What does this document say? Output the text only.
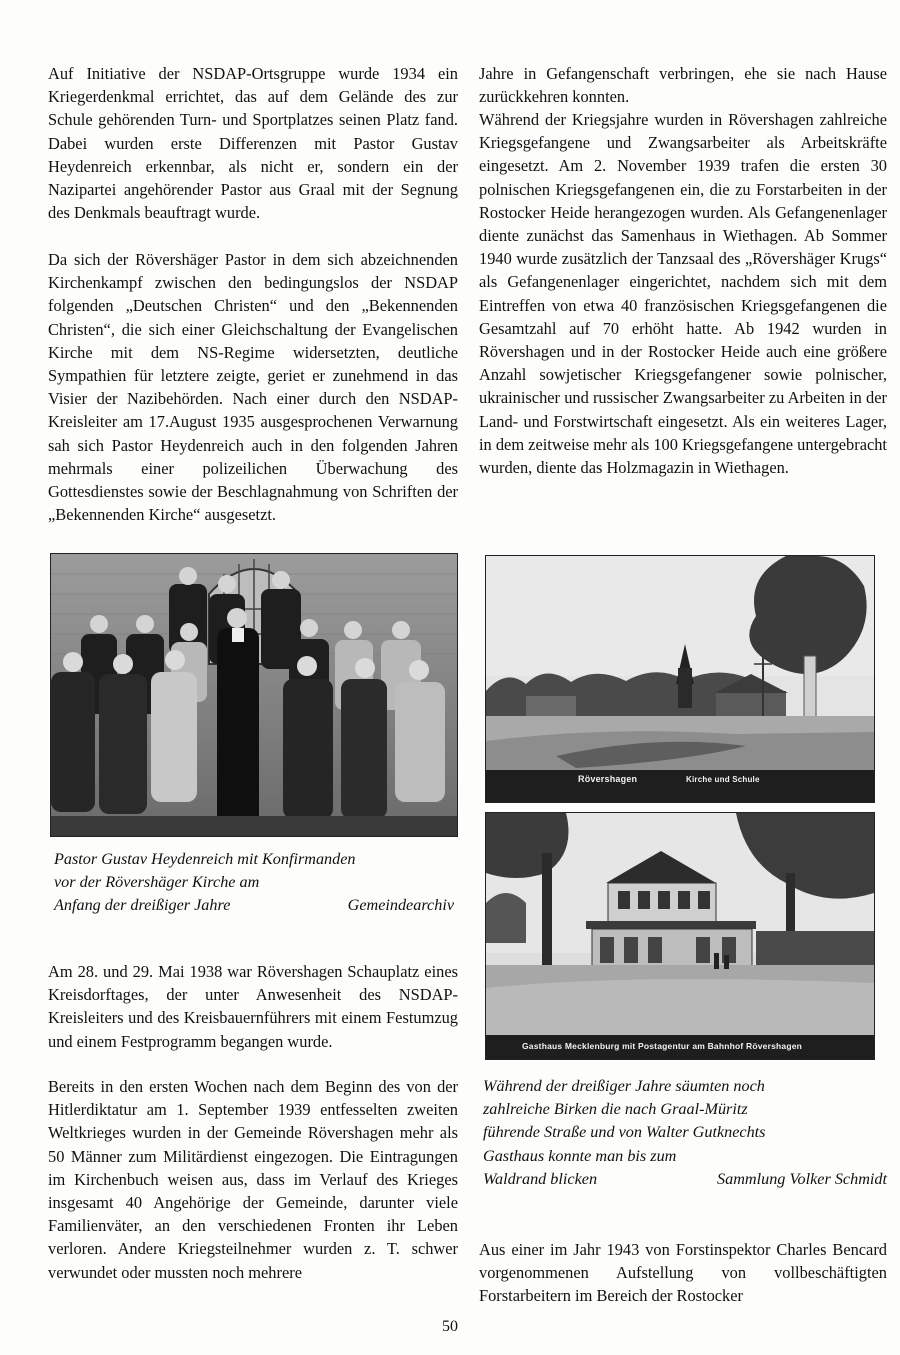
Auf Initiative der NSDAP-Ortsgruppe wurde 1934 ein Kriegerdenkmal errichtet, das auf dem Gelände des zur Schule gehörenden Turn- und Sportplatzes seinen Platz fand. Dabei wurden erste Differenzen mit Pastor Gustav Heydenreich erkennbar, als nicht er, sondern ein der Nazipartei angehörender Pastor aus Graal mit der Segnung des Denkmals beauftragt wurde.

Da sich der Rövershäger Pastor in dem sich abzeichnenden Kirchenkampf zwischen den bedingungslos der NSDAP folgenden „Deutschen Christen“ und den „Bekennenden Christen“, die sich einer Gleichschaltung der Evangelischen Kirche mit dem NS-Regime widersetzten, deutliche Sympathien für letztere zeigte, geriet er zunehmend in das Visier der Nazibehörden. Nach einer durch den NSDAP-Kreisleiter am 17.August 1935 ausgesprochenen Verwarnung sah sich Pastor Heydenreich auch in den folgenden Jahren mehrmals einer polizeilichen Überwachung des Gottesdienstes sowie der Beschlagnahmung von Schriften der „Bekennenden Kirche“ ausgesetzt.

Pastor Gustav Heydenreich mit Konfirmanden
vor der Rövershäger Kirche am
Anfang der dreißiger Jahre	Gemeindearchiv

Am 28. und 29. Mai 1938 war Rövershagen Schauplatz eines Kreisdorftages, der unter Anwesenheit des NSDAP-Kreisleiters und des Kreisbauernführers mit einem Festumzug und einem Festprogramm begangen wurde.

Bereits in den ersten Wochen nach dem Beginn des von der Hitlerdiktatur am 1. September 1939 entfesselten zweiten Weltkrieges wurden in der Gemeinde Rövershagen mehr als 50 Männer zum Militärdienst eingezogen. Die Eintragungen im Kirchenbuch weisen aus, dass im Verlauf des Krieges insgesamt 40 Angehörige der Gemeinde, darunter viele Familienväter, an den verschiedenen Fronten ihr Leben verloren. Andere Kriegsteilnehmer wurden z. T. schwer verwundet oder mussten noch mehrere

Jahre in Gefangenschaft verbringen, ehe sie nach Hause zurückkehren konnten.

Während der Kriegsjahre wurden in Rövershagen zahlreiche Kriegsgefangene und Zwangsarbeiter als Arbeitskräfte eingesetzt. Am 2. November 1939 trafen die ersten 30 polnischen Kriegsgefangenen ein, die zu Forstarbeiten in der Rostocker Heide herangezogen wurden. Als Gefangenenlager diente zunächst das Samenhaus in Wiethagen. Ab Sommer 1940 wurde zusätzlich der Tanzsaal des „Rövershäger Krugs“ als Gefangenenlager eingerichtet, nachdem sich mit dem Eintreffen von etwa 40 französischen Kriegsgefangenen die Gesamtzahl auf 70 erhöht hatte. Ab 1942 wurden in Rövershagen und in der Rostocker Heide auch eine größere Anzahl sowjetischer Kriegsgefangener sowie polnischer, ukrainischer und russischer Zwangsarbeiter zu Arbeiten in der Land- und Forstwirtschaft eingesetzt. Als ein weiteres Lager, in dem zeitweise mehr als 100 Kriegsgefangene untergebracht wurden, diente das Holzmagazin in Wiethagen.

Rövershagen	Kirche und Schule
Gasthaus Mecklenburg mit Postagentur am Bahnhof Rövershagen
Während der dreißiger Jahre säumten noch
zahlreiche Birken die nach Graal-Müritz
führende Straße und von Walter Gutknechts
Gasthaus konnte man bis zum
Waldrand blicken	Sammlung Volker Schmidt

Aus einer im Jahr 1943 von Forstinspektor Charles Bencard vorgenommenen Aufstellung von vollbeschäftigten Forstarbeitern im Bereich der Rostocker

50
